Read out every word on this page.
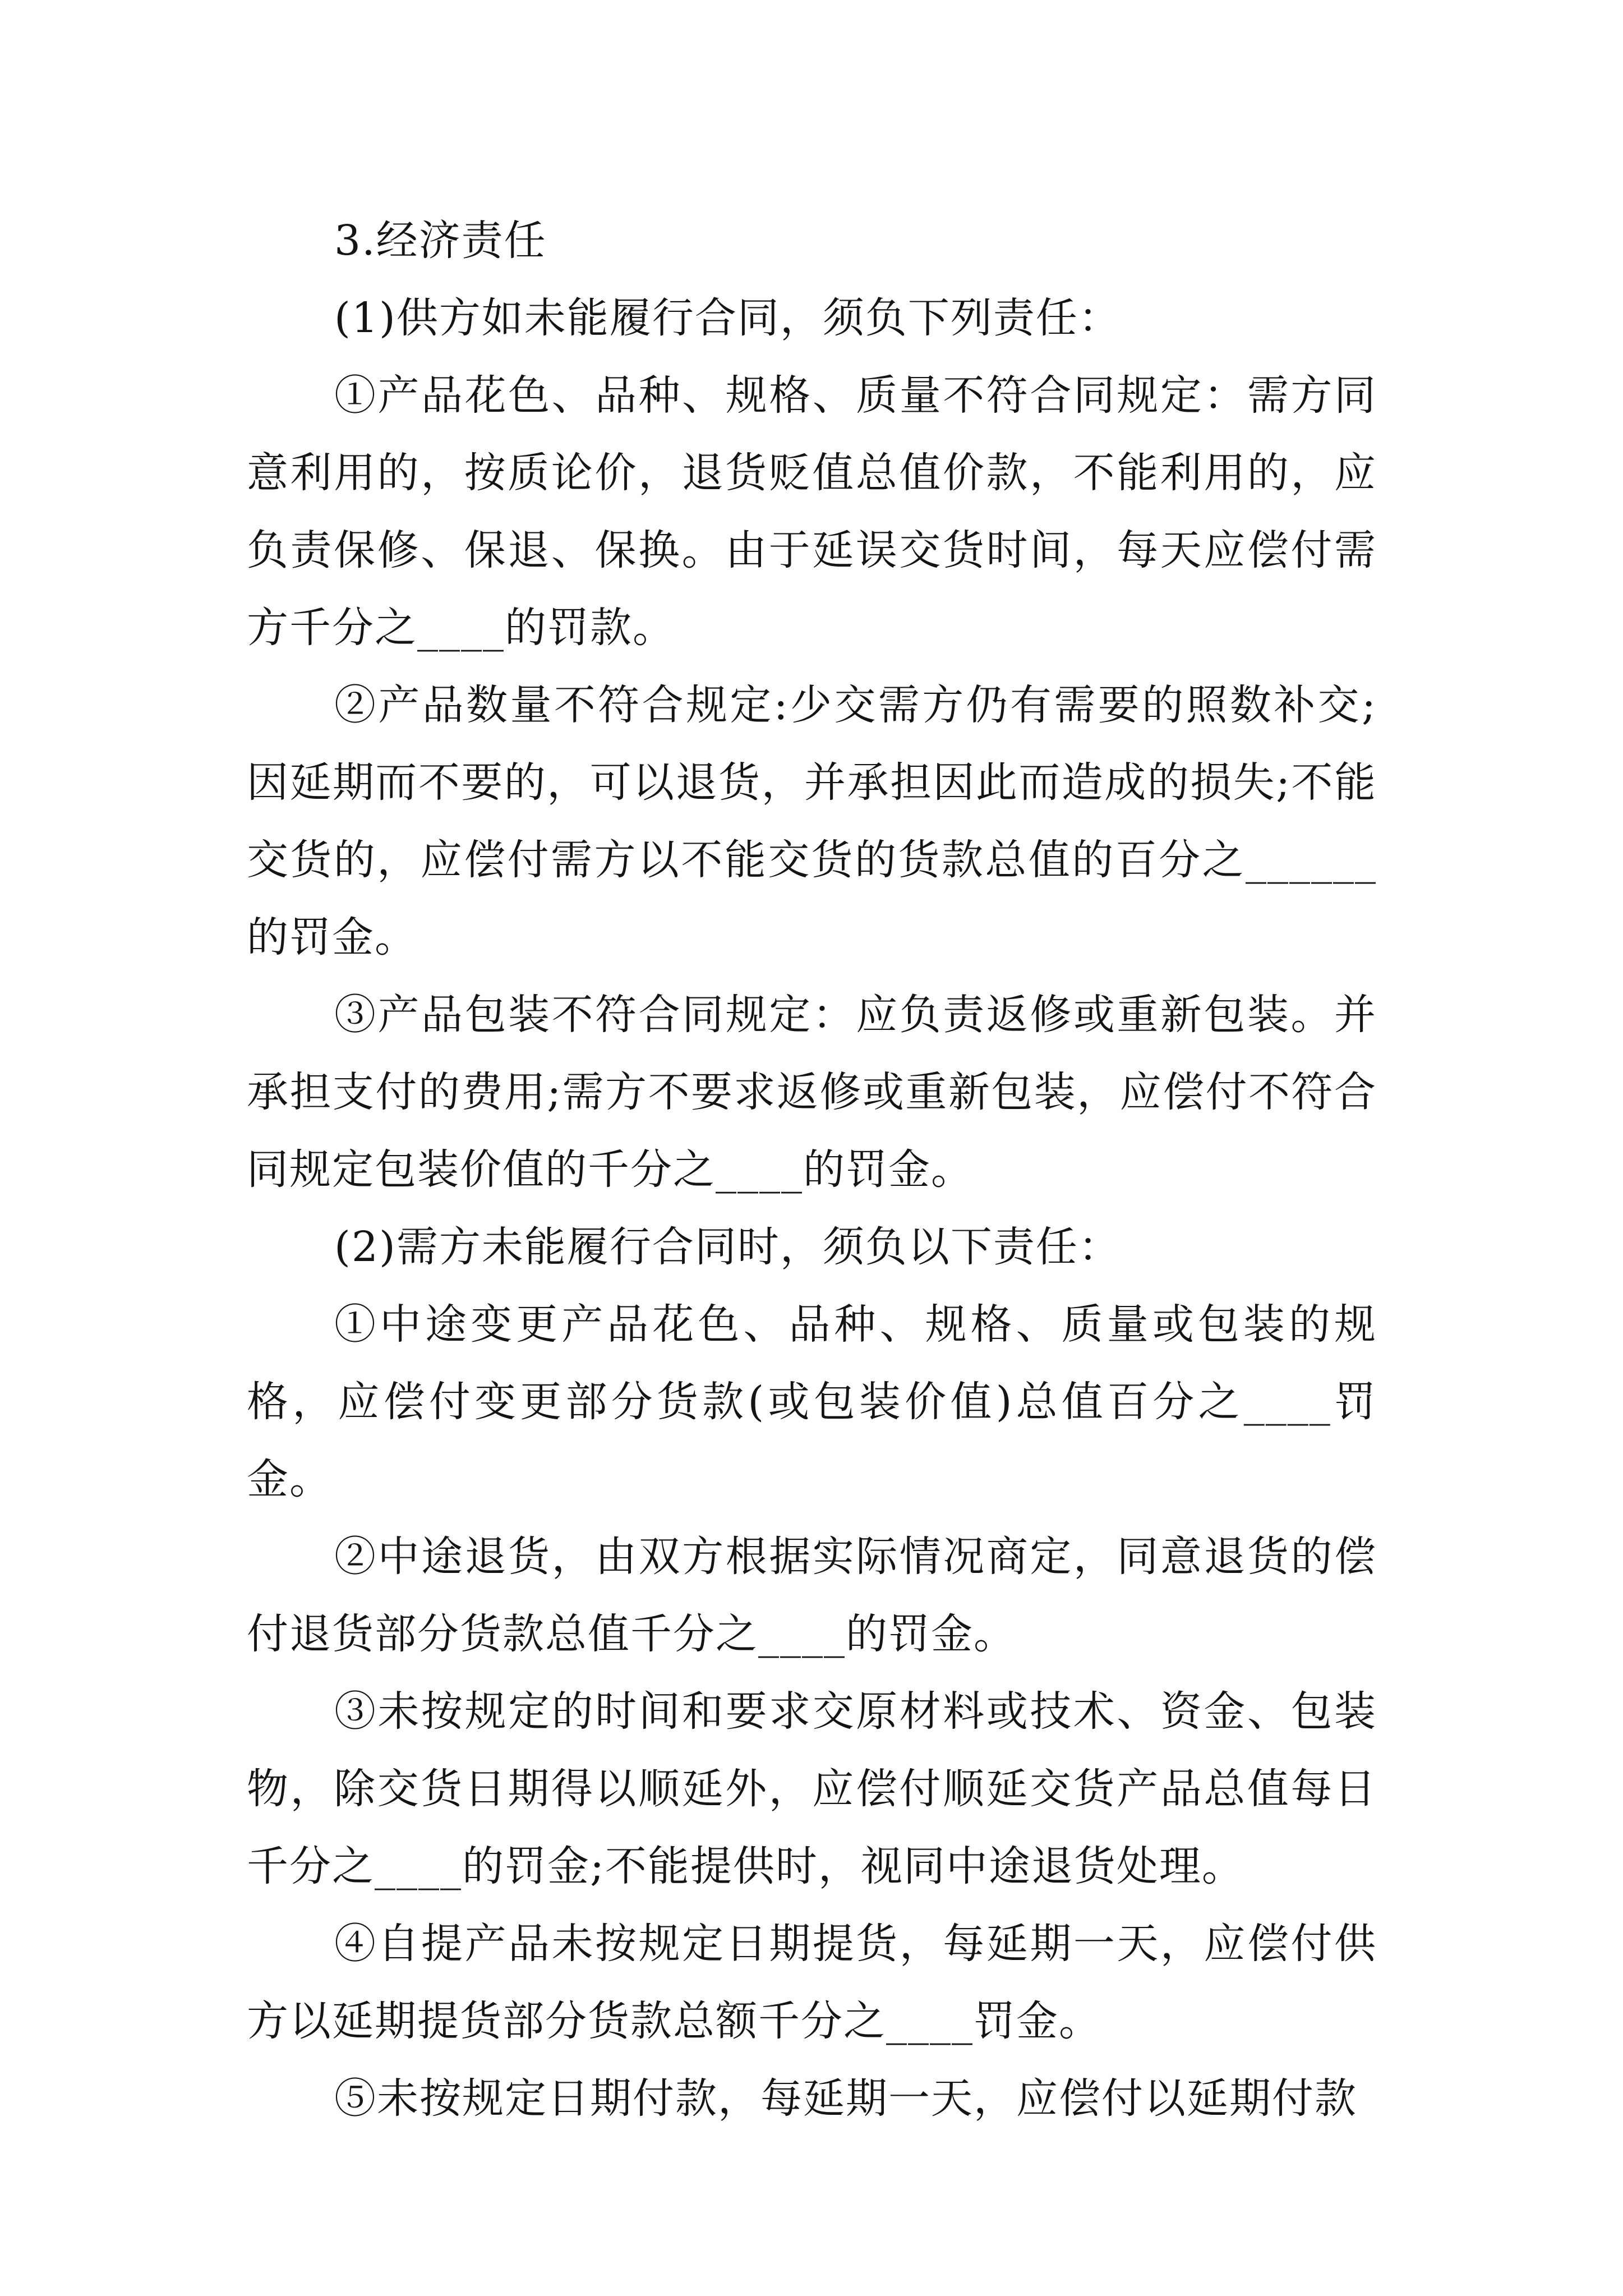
3.经济责任

(1)供方如未能履行合同，须负下列责任：

①产品花色、品种、规格、质量不符合同规定：需方同意利用的，按质论价，退货贬值总值价款，不能利用的，应负责保修、保退、保换。由于延误交货时间，每天应偿付需方千分之____的罚款。

②产品数量不符合规定:少交需方仍有需要的照数补交;因延期而不要的，可以退货，并承担因此而造成的损失;不能交货的，应偿付需方以不能交货的货款总值的百分之______的罚金。

③产品包装不符合同规定：应负责返修或重新包装。并承担支付的费用;需方不要求返修或重新包装，应偿付不符合同规定包装价值的千分之____的罚金。

(2)需方未能履行合同时，须负以下责任：

①中途变更产品花色、品种、规格、质量或包装的规格，应偿付变更部分货款(或包装价值)总值百分之____罚金。

②中途退货，由双方根据实际情况商定，同意退货的偿付退货部分货款总值千分之____的罚金。

③未按规定的时间和要求交原材料或技术、资金、包装物，除交货日期得以顺延外，应偿付顺延交货产品总值每日千分之____的罚金;不能提供时，视同中途退货处理。

④自提产品未按规定日期提货，每延期一天，应偿付供方以延期提货部分货款总额千分之____罚金。

⑤未按规定日期付款，每延期一天，应偿付以延期付款
